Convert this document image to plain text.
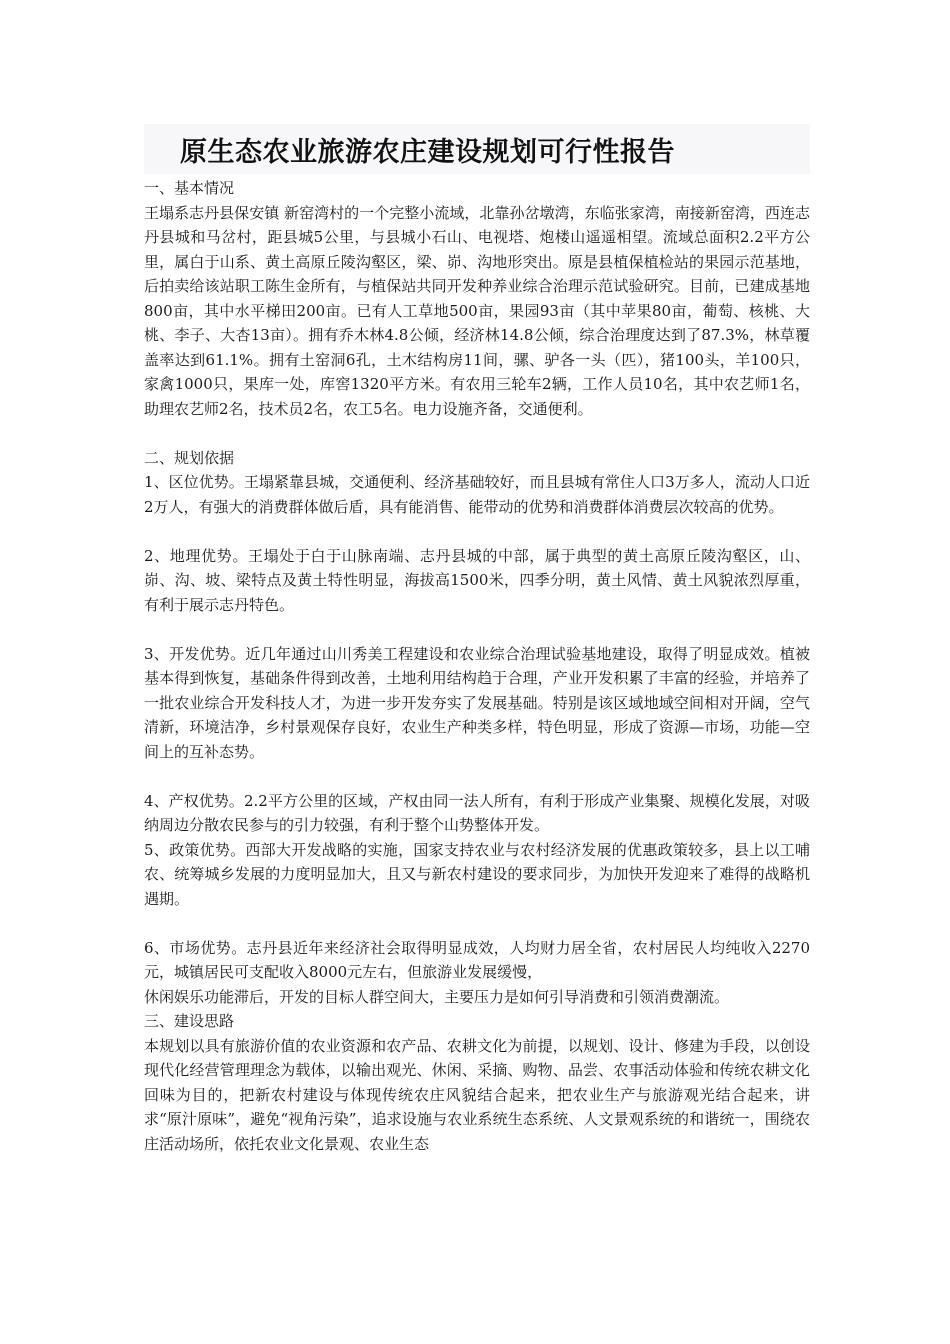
原生态农业旅游农庄建设规划可行性报告

一、基本情况

王塌系志丹县保安镇 新窑湾村的一个完整小流域，北靠孙岔墩湾，东临张家湾，南接新窑湾，西连志丹县城和马岔村，距县城5公里，与县城小石山、电视塔、炮楼山遥遥相望。流域总面积2.2平方公里，属白于山系、黄土高原丘陵沟壑区，梁、峁、沟地形突出。原是县植保植检站的果园示范基地，后拍卖给该站职工陈生金所有，与植保站共同开发种养业综合治理示范试验研究。目前，已建成基地800亩，其中水平梯田200亩。已有人工草地500亩，果园93亩（其中苹果80亩，葡萄、核桃、大桃、李子、大杏13亩）。拥有乔木林4.8公倾，经济林14.8公倾，综合治理度达到了87.3%，林草覆盖率达到61.1%。拥有土窑洞6孔，土木结构房11间，骡、驴各一头（匹），猪100头，羊100只，家禽1000只，果库一处，库窖1320平方米。有农用三轮车2辆，工作人员10名，其中农艺师1名，助理农艺师2名，技术员2名，农工5名。电力设施齐备，交通便利。

二、规划依据

1、区位优势。王塌紧靠县城，交通便利、经济基础较好，而且县城有常住人口3万多人，流动人口近2万人，有强大的消费群体做后盾，具有能消售、能带动的优势和消费群体消费层次较高的优势。

2、地理优势。王塌处于白于山脉南端、志丹县城的中部，属于典型的黄土高原丘陵沟壑区，山、峁、沟、坡、梁特点及黄土特性明显，海拔高1500米，四季分明，黄土风情、黄土风貌浓烈厚重，有利于展示志丹特色。

3、开发优势。近几年通过山川秀美工程建设和农业综合治理试验基地建设，取得了明显成效。植被基本得到恢复，基础条件得到改善，土地利用结构趋于合理，产业开发积累了丰富的经验，并培养了一批农业综合开发科技人才，为进一步开发夯实了发展基础。特别是该区域地域空间相对开阔，空气清新，环境洁净，乡村景观保存良好，农业生产种类多样，特色明显，形成了资源—市场，功能—空间上的互补态势。

4、产权优势。2.2平方公里的区域，产权由同一法人所有，有利于形成产业集聚、规模化发展，对吸纳周边分散农民参与的引力较强，有利于整个山势整体开发。

5、政策优势。西部大开发战略的实施，国家支持农业与农村经济发展的优惠政策较多，县上以工哺农、统筹城乡发展的力度明显加大，且又与新农村建设的要求同步，为加快开发迎来了难得的战略机遇期。

6、市场优势。志丹县近年来经济社会取得明显成效，人均财力居全省，农村居民人均纯收入2270元，城镇居民可支配收入8000元左右，但旅游业发展缓慢，

休闲娱乐功能滞后，开发的目标人群空间大，主要压力是如何引导消费和引领消费潮流。

三、建设思路

本规划以具有旅游价值的农业资源和农产品、农耕文化为前提，以规划、设计、修建为手段，以创设现代化经营管理理念为载体，以输出观光、休闲、采摘、购物、品尝、农事活动体验和传统农耕文化回味为目的，把新农村建设与体现传统农庄风貌结合起来，把农业生产与旅游观光结合起来，讲求“原汁原味”，避免“视角污染”，追求设施与农业系统生态系统、人文景观系统的和谐统一，围绕农庄活动场所，依托农业文化景观、农业生态
